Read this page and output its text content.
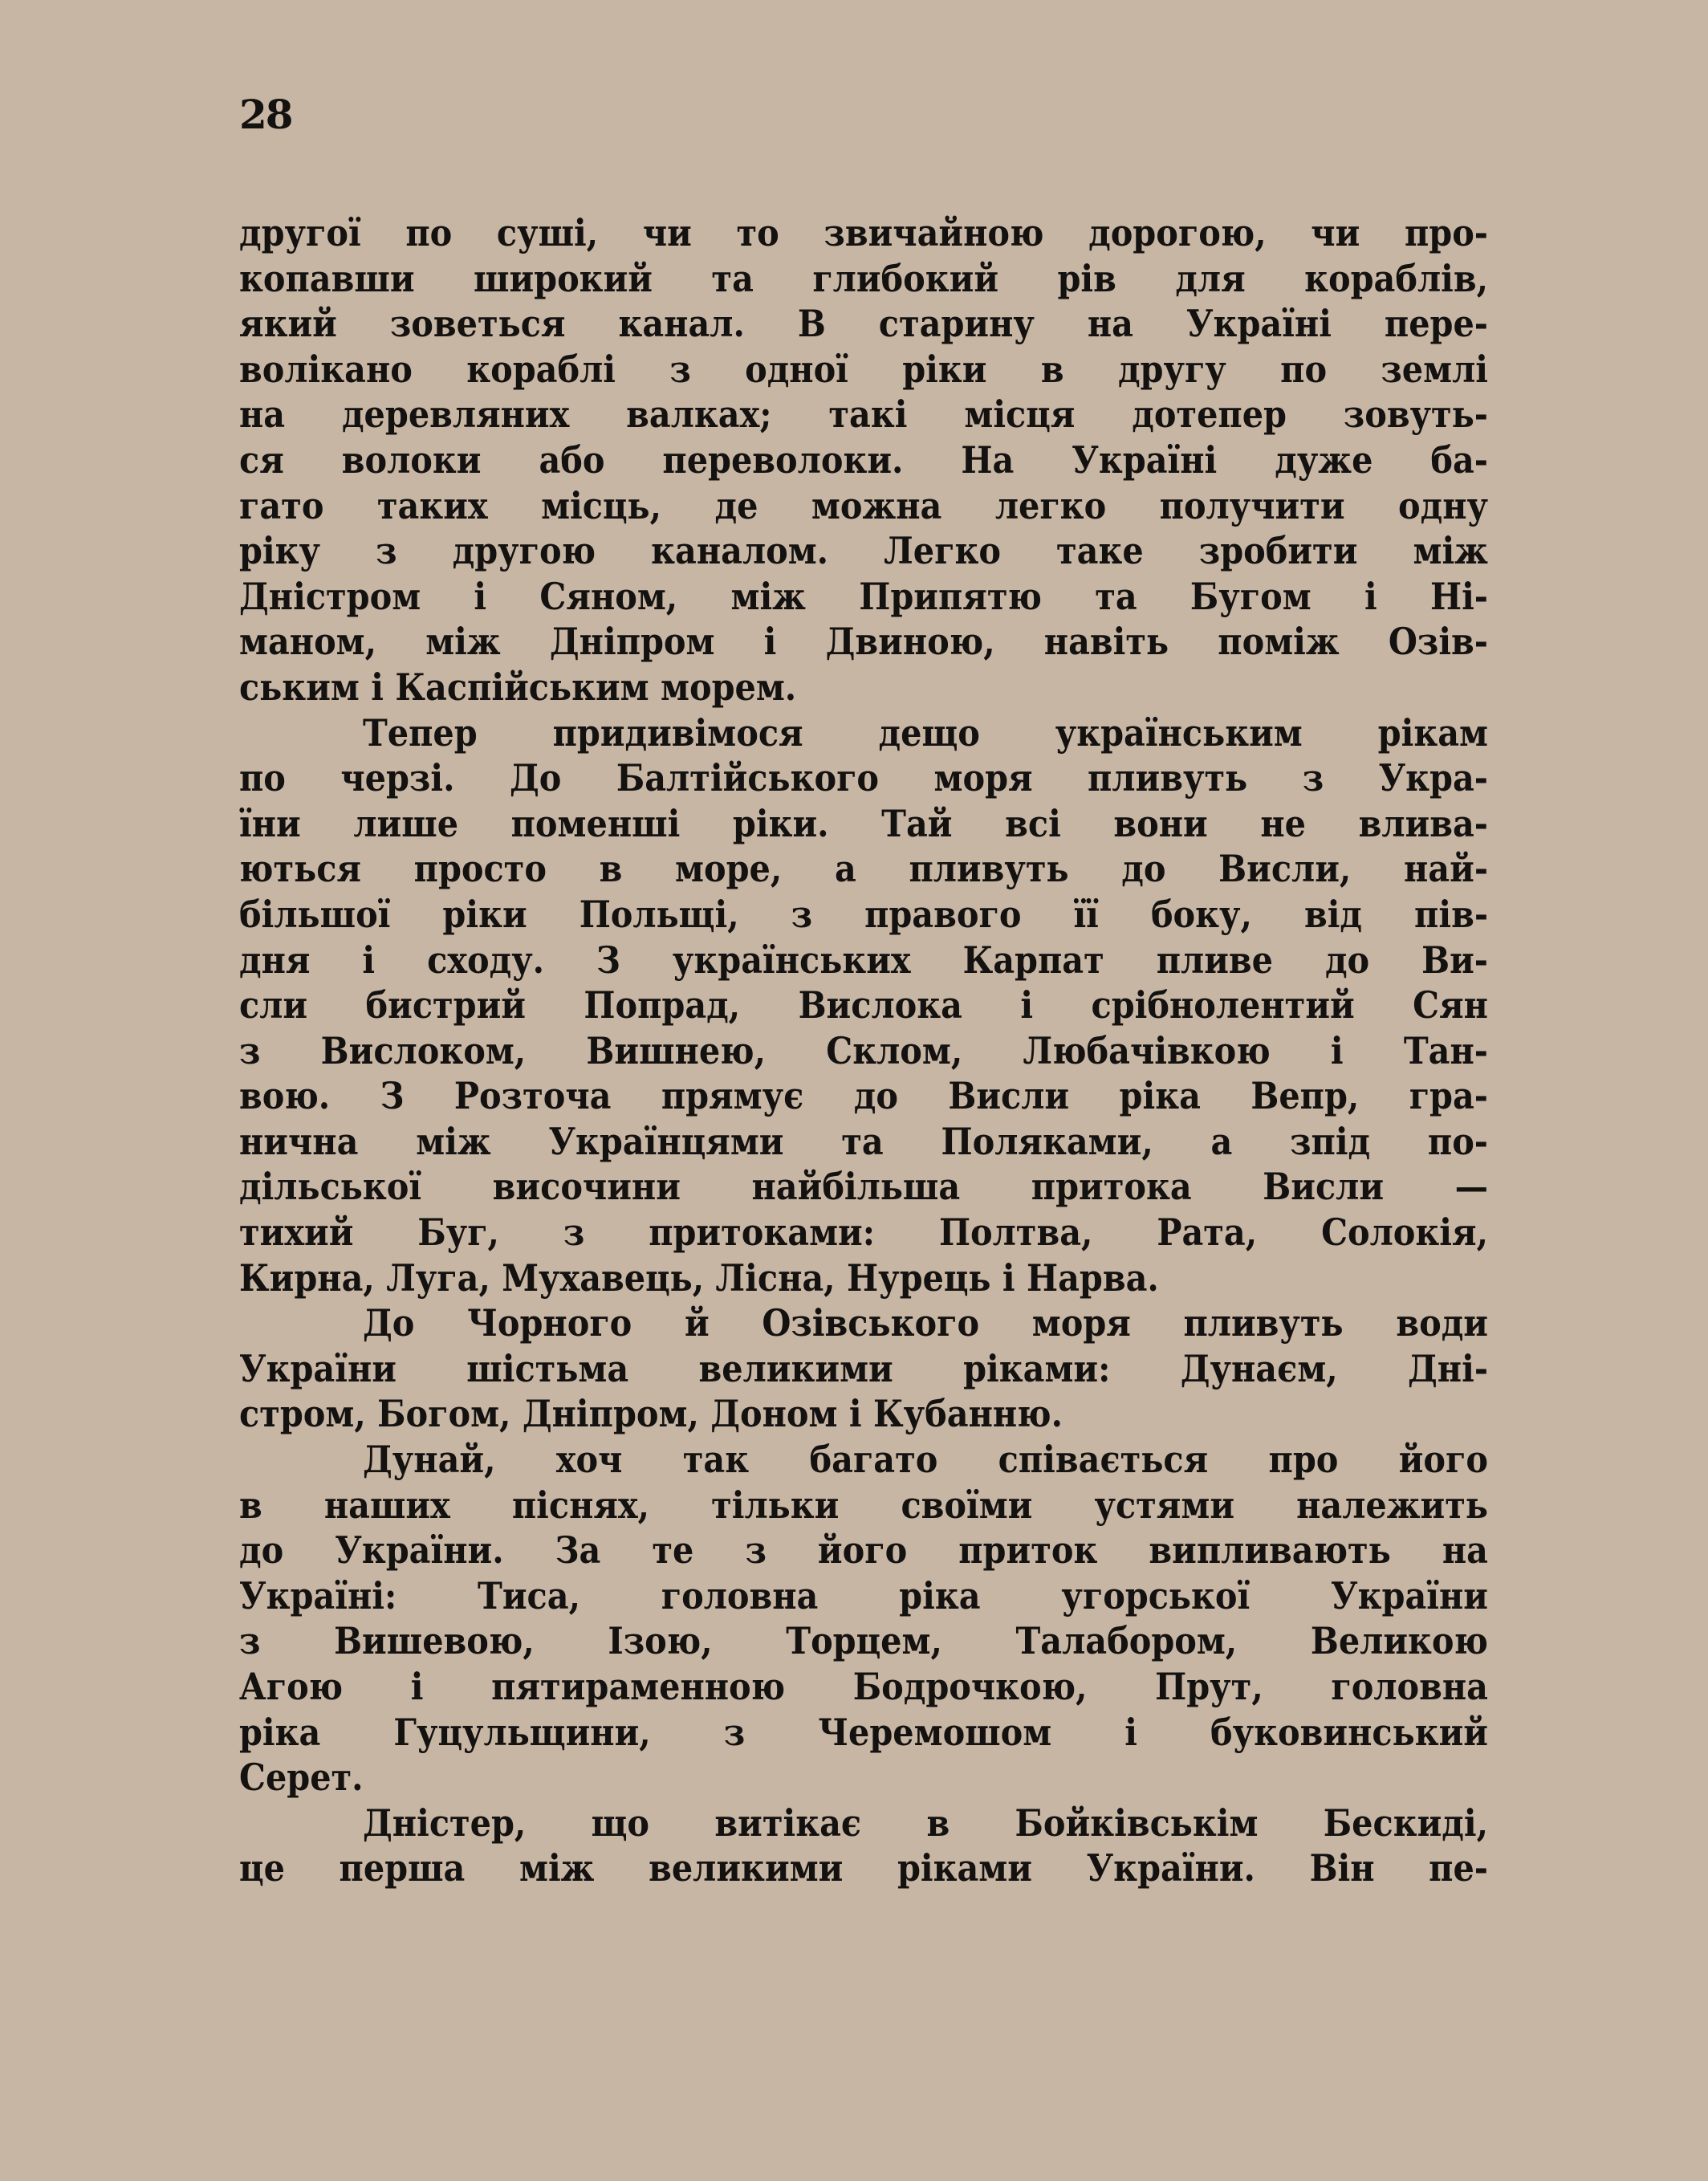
28
другої по суші, чи то звичайною дорогою, чи про-
копавши широкий та глибокий рів для кораблів,
який зоветься канал. В старину на Україні пере-
волікано кораблі з одної ріки в другу по землі
на деревляних валках; такі місця дотепер зовуть-
ся волоки або переволоки. На Україні дуже ба-
гато таких місць, де можна легко получити одну
ріку з другою каналом. Легко таке зробити між
Дністром і Сяном, між Припятю та Бугом і Ні-
маном, між Дніпром і Двиною, навіть поміж Озів-
ським і Каспійським морем.
Тепер придивімося дещо українським рікам
по черзі. До Балтійського моря пливуть з Укра-
їни лише поменші ріки. Тай всі вони не влива-
ються просто в море, а пливуть до Висли, най-
більшої ріки Польщі, з правого її боку, від пів-
дня і сходу. З українських Карпат пливе до Ви-
сли бистрий Попрад, Вислока і срібнолентий Сян
з Вислоком, Вишнею, Склом, Любачівкою і Тан-
вою. З Розточа прямує до Висли ріка Вепр, гра-
нична між Українцями та Поляками, а зпід по-
дільської височини найбільша притока Висли —
тихий Буг, з притоками: Полтва, Рата, Солокія,
Кирна, Луга, Мухавець, Лісна, Нурець і Нарва.
До Чорного й Озівського моря пливуть води
України шістьма великими ріками: Дунаєм, Дні-
стром, Богом, Дніпром, Доном і Кубанню.
Дунай, хоч так багато співається про його
в наших піснях, тільки своїми устями належить
до України. За те з його приток випливають на
Україні: Тиса, головна ріка угорської України
з Вишевою, Ізою, Торцем, Талабором, Великою
Агою і пятираменною Бодрочкою, Прут, головна
ріка Гуцульщини, з Черемошом і буковинський
Серет.
Дністер, що витікає в Бойківськім Бескиді,
це перша між великими ріками України. Він пе-
